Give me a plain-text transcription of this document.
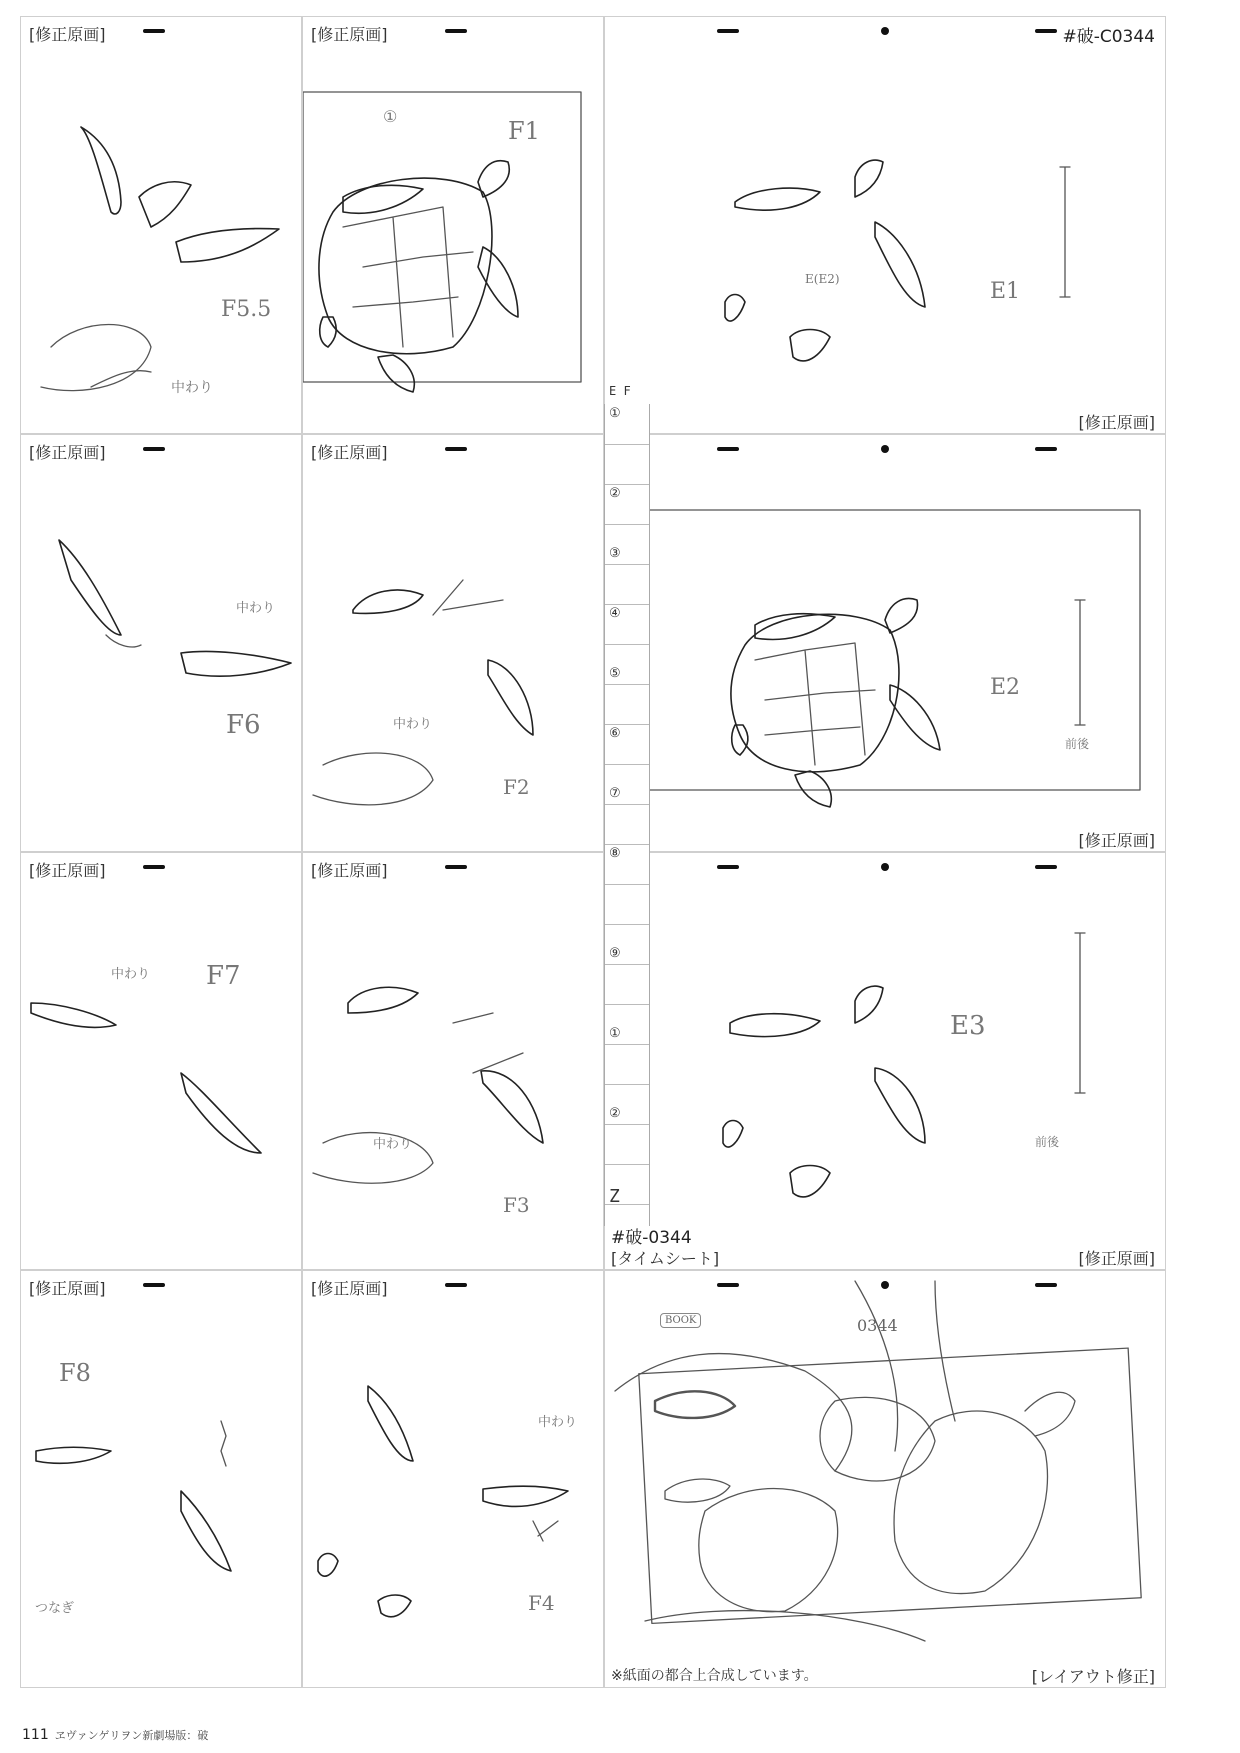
[修正原画]
F5.5
中わり
[修正原画]
F1
①
#破-C0344
E1
E(E2)
[修正原画]
[修正原画]
F6
中わり
[修正原画]
F2
中わり
E2
前後
[修正原画]
[修正原画]
F7
中わり
[修正原画]
F3
中わり
E3
前後
#破-0344
[タイムシート]	[修正原画]
[修正原画]
F8
つなぎ
[修正原画]
F4
中わり
0344
BOOK
※紙面の都合上合成しています。	[レイアウト修正]
E F
①
②
③
④
⑤
⑥
⑦
⑧
⑨
①
②
Z
111 ヱヴァンゲリヲン新劇場版：破
